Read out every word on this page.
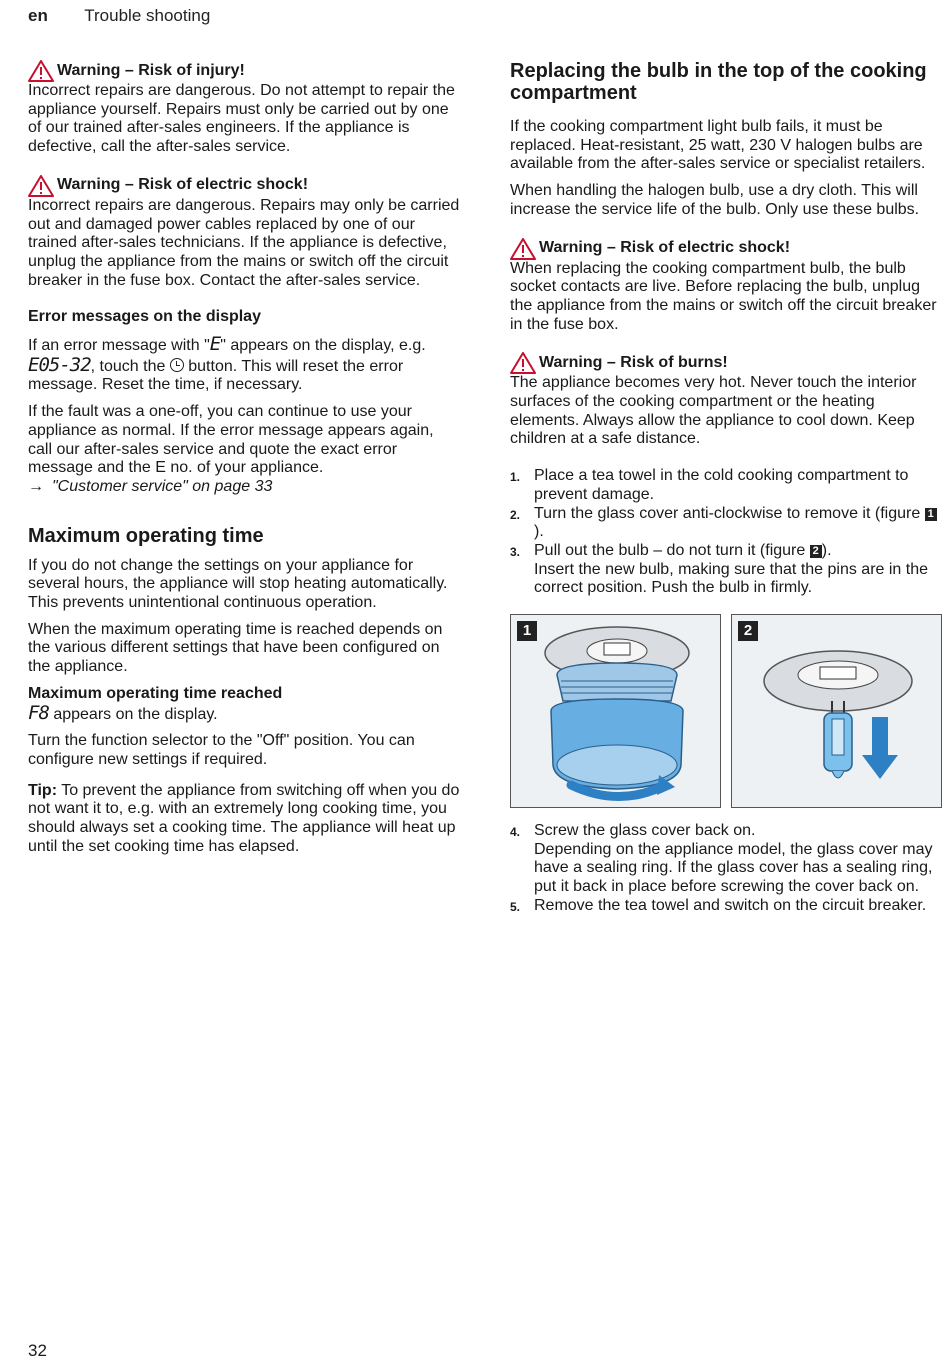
en Trouble shooting
Warning – Risk of injury!

Incorrect repairs are dangerous. Do not attempt to repair the appliance yourself. Repairs must only be carried out by one of our trained after-sales engineers. If the appliance is defective, call the after-sales service.

Warning – Risk of electric shock!

Incorrect repairs are dangerous. Repairs may only be carried out and damaged power cables replaced by one of our trained after-sales technicians. If the appliance is defective, unplug the appliance from the mains or switch off the circuit breaker in the fuse box. Contact the after-sales service.

Error messages on the display

If an error message with "E" appears on the display, e.g. E05-32, touch the  button. This will reset the error message. Reset the time, if necessary.

If the fault was a one-off, you can continue to use your appliance as normal. If the error message appears again, call our after-sales service and quote the exact error message and the E no. of your appliance.

→ "Customer service" on page 33

Maximum operating time

If you do not change the settings on your appliance for several hours, the appliance will stop heating automatically. This prevents unintentional continuous operation.

When the maximum operating time is reached depends on the various different settings that have been configured on the appliance.

Maximum operating time reached

F8 appears on the display.

Turn the function selector to the "Off" position. You can configure new settings if required.

Tip: To prevent the appliance from switching off when you do not want it to, e.g. with an extremely long cooking time, you should always set a cooking time. The appliance will heat up until the set cooking time has elapsed.

Replacing the bulb in the top of the cooking compartment

If the cooking compartment light bulb fails, it must be replaced. Heat-resistant, 25 watt, 230 V halogen bulbs are available from the after-sales service or specialist retailers.

When handling the halogen bulb, use a dry cloth. This will increase the service life of the bulb. Only use these bulbs.

Warning – Risk of electric shock!

When replacing the cooking compartment bulb, the bulb socket contacts are live. Before replacing the bulb, unplug the appliance from the mains or switch off the circuit breaker in the fuse box.

Warning – Risk of burns!

The appliance becomes very hot. Never touch the interior surfaces of the cooking compartment or the heating elements. Always allow the appliance to cool down. Keep children at a safe distance.

1. Place a tea towel in the cold cooking compartment to prevent damage.
2. Turn the glass cover anti-clockwise to remove it (figure 1).
3. Pull out the bulb – do not turn it (figure 2 ).
Insert the new bulb, making sure that the pins are in the correct position. Push the bulb in firmly.
1	2
4. Screw the glass cover back on.
Depending on the appliance model, the glass cover may have a sealing ring. If the glass cover has a sealing ring, put it back in place before screwing the cover back on.
5. Remove the tea towel and switch on the circuit breaker.
32
